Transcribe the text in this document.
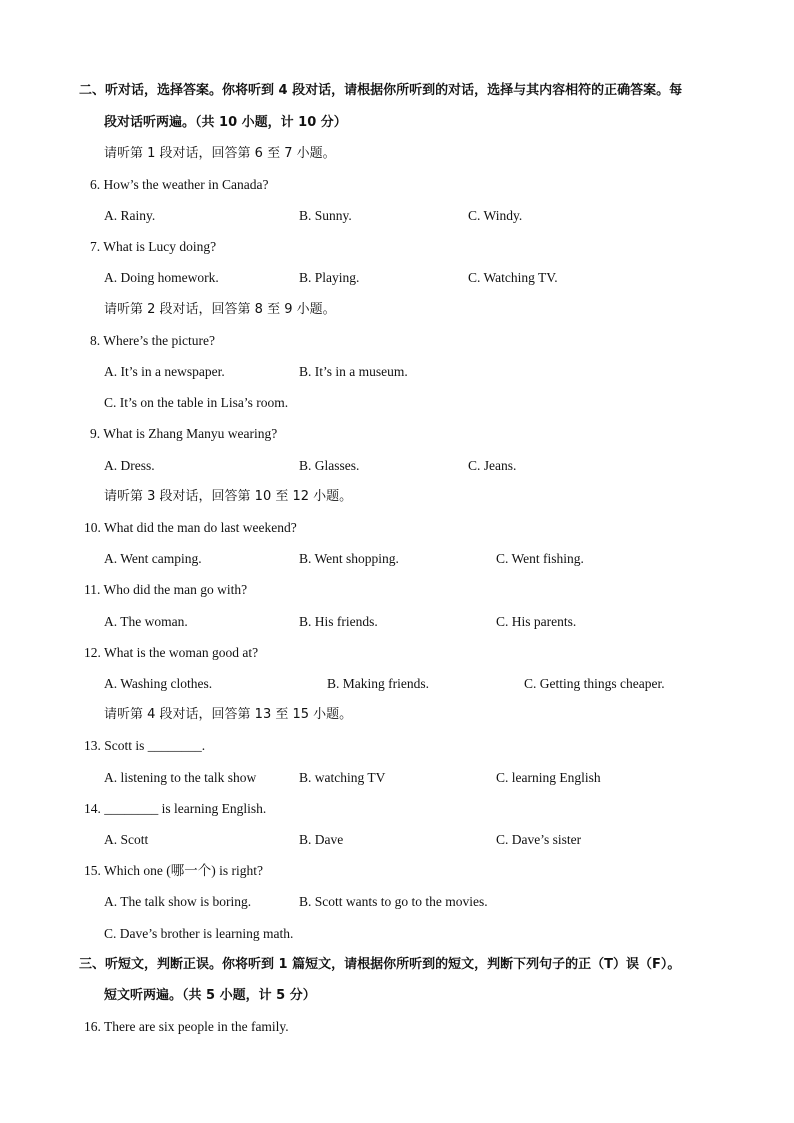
二、听对话，选择答案。你将听到 4 段对话，请根据你所听到的对话，选择与其内容相符的正确答案。每
段对话听两遍。（共 10 小题，计 10 分）
请听第 1 段对话，回答第 6 至 7 小题。
6. How’s the weather in Canada?
A. Rainy.	B. Sunny.	C. Windy.
7. What is Lucy doing?
A. Doing homework.	B. Playing.	C. Watching TV.
请听第 2 段对话，回答第 8 至 9 小题。
8. Where’s the picture?
A. It’s in a newspaper.	B. It’s in a museum.
C. It’s on the table in Lisa’s room.
9. What is Zhang Manyu wearing?
A. Dress.	B. Glasses.	C. Jeans.
请听第 3 段对话，回答第 10 至 12 小题。
10. What did the man do last weekend?
A. Went camping.	B. Went shopping.	C. Went fishing.
11. Who did the man go with?
A. The woman.	B. His friends.	C. His parents.
12. What is the woman good at?
A. Washing clothes.	B. Making friends.	C. Getting things cheaper.
请听第 4 段对话，回答第 13 至 15 小题。
13. Scott is ________.
A. listening to the talk show	B. watching TV	C. learning English
14. ________ is learning English.
A. Scott	B. Dave	C. Dave’s sister
15. Which one (哪一个) is right?
A. The talk show is boring.	B. Scott wants to go to the movies.
C. Dave’s brother is learning math.
三、听短文，判断正误。你将听到 1 篇短文，请根据你所听到的短文，判断下列句子的正（T）误（F）。
短文听两遍。（共 5 小题，计 5 分）
16. There are six people in the family.
